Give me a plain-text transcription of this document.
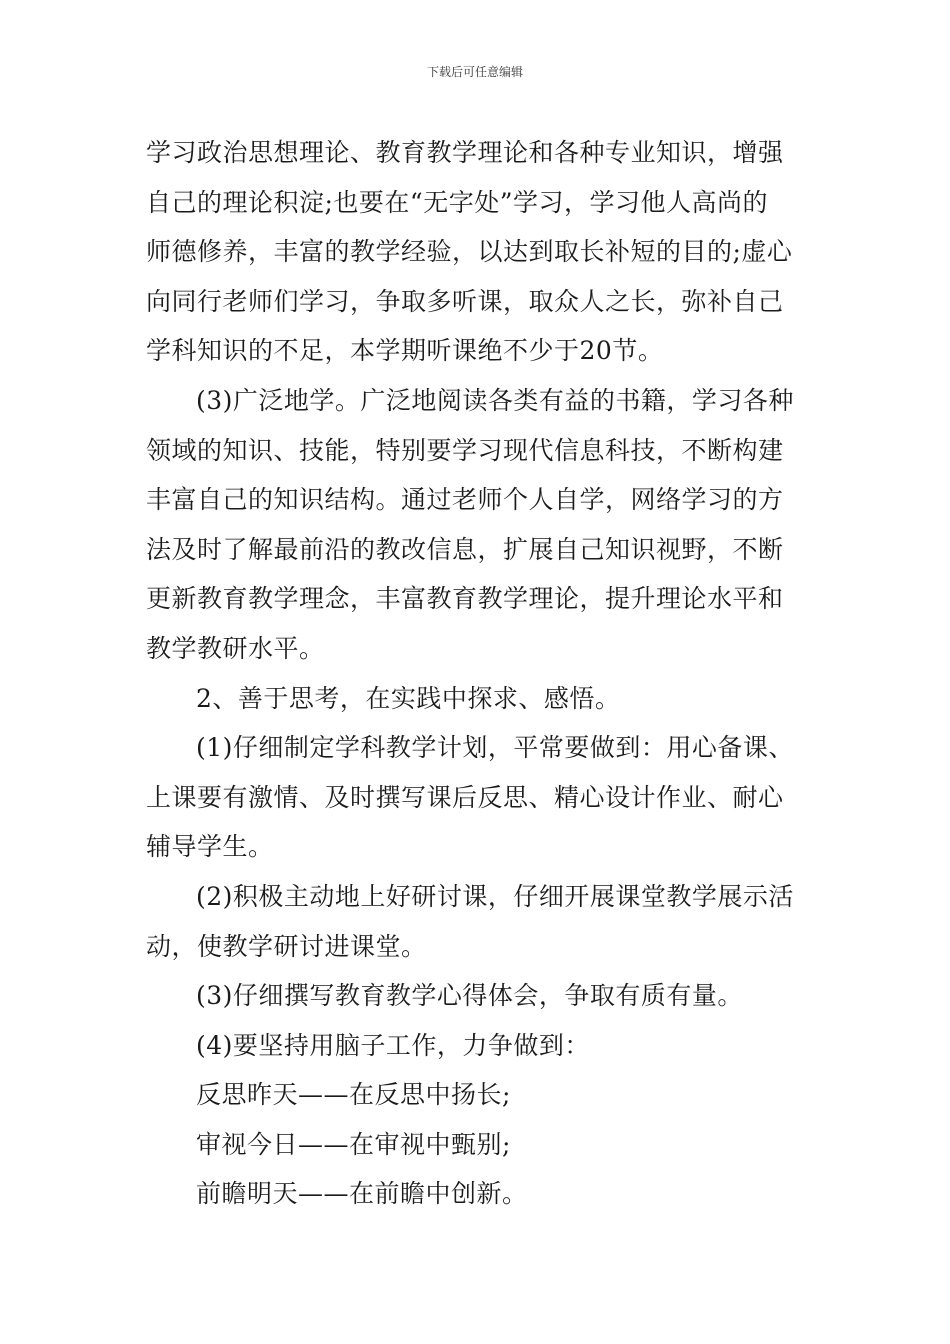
下载后可任意编辑
学习政治思想理论、教育教学理论和各种专业知识，增强
自己的理论积淀;也要在“无字处”学习，学习他人高尚的
师德修养，丰富的教学经验，以达到取长补短的目的;虚心
向同行老师们学习，争取多听课，取众人之长，弥补自己
学科知识的不足，本学期听课绝不少于20节。
(3)广泛地学。广泛地阅读各类有益的书籍，学习各种
领域的知识、技能，特别要学习现代信息科技，不断构建
丰富自己的知识结构。通过老师个人自学，网络学习的方
法及时了解最前沿的教改信息，扩展自己知识视野，不断
更新教育教学理念，丰富教育教学理论，提升理论水平和
教学教研水平。
2、善于思考，在实践中探求、感悟。
(1)仔细制定学科教学计划，平常要做到：用心备课、
上课要有激情、及时撰写课后反思、精心设计作业、耐心
辅导学生。
(2)积极主动地上好研讨课，仔细开展课堂教学展示活
动，使教学研讨进课堂。
(3)仔细撰写教育教学心得体会，争取有质有量。
(4)要坚持用脑子工作，力争做到：
反思昨天——在反思中扬长;
审视今日——在审视中甄别;
前瞻明天——在前瞻中创新。
